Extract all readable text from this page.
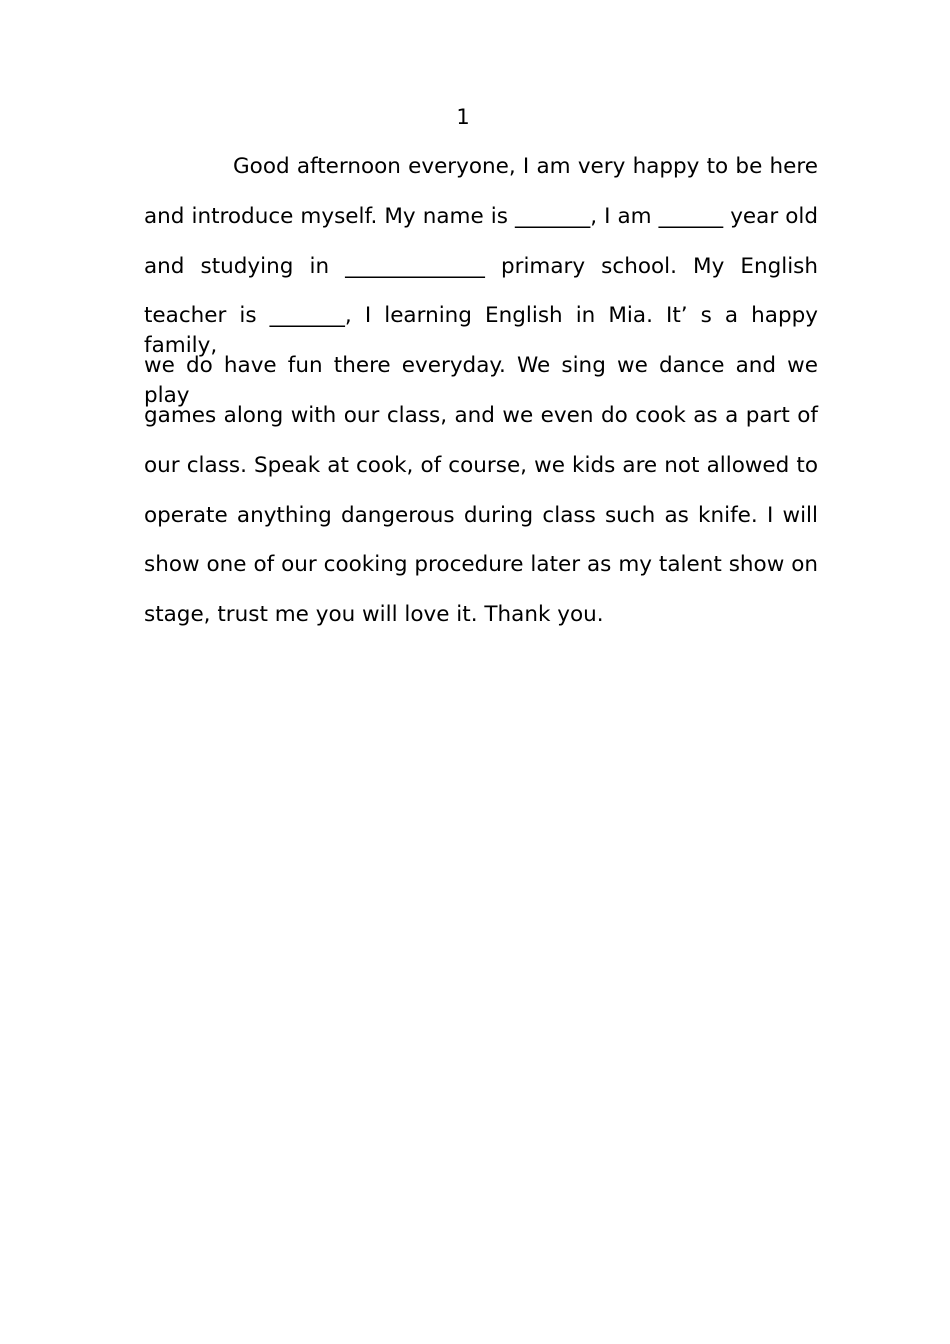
1
Good afternoon everyone, I am very happy to be here
and introduce myself. My name is _______, I am ______ year old
and studying in _____________ primary school. My English
teacher is _______, I learning English in Mia. It’ s a happy family,
we do have fun there everyday. We sing we dance and we play
games along with our class, and we even do cook as a part of
our class. Speak at cook, of course, we kids are not allowed to
operate anything dangerous during class such as knife. I will
show one of our cooking procedure later as my talent show on
stage, trust me you will love it. Thank you.
